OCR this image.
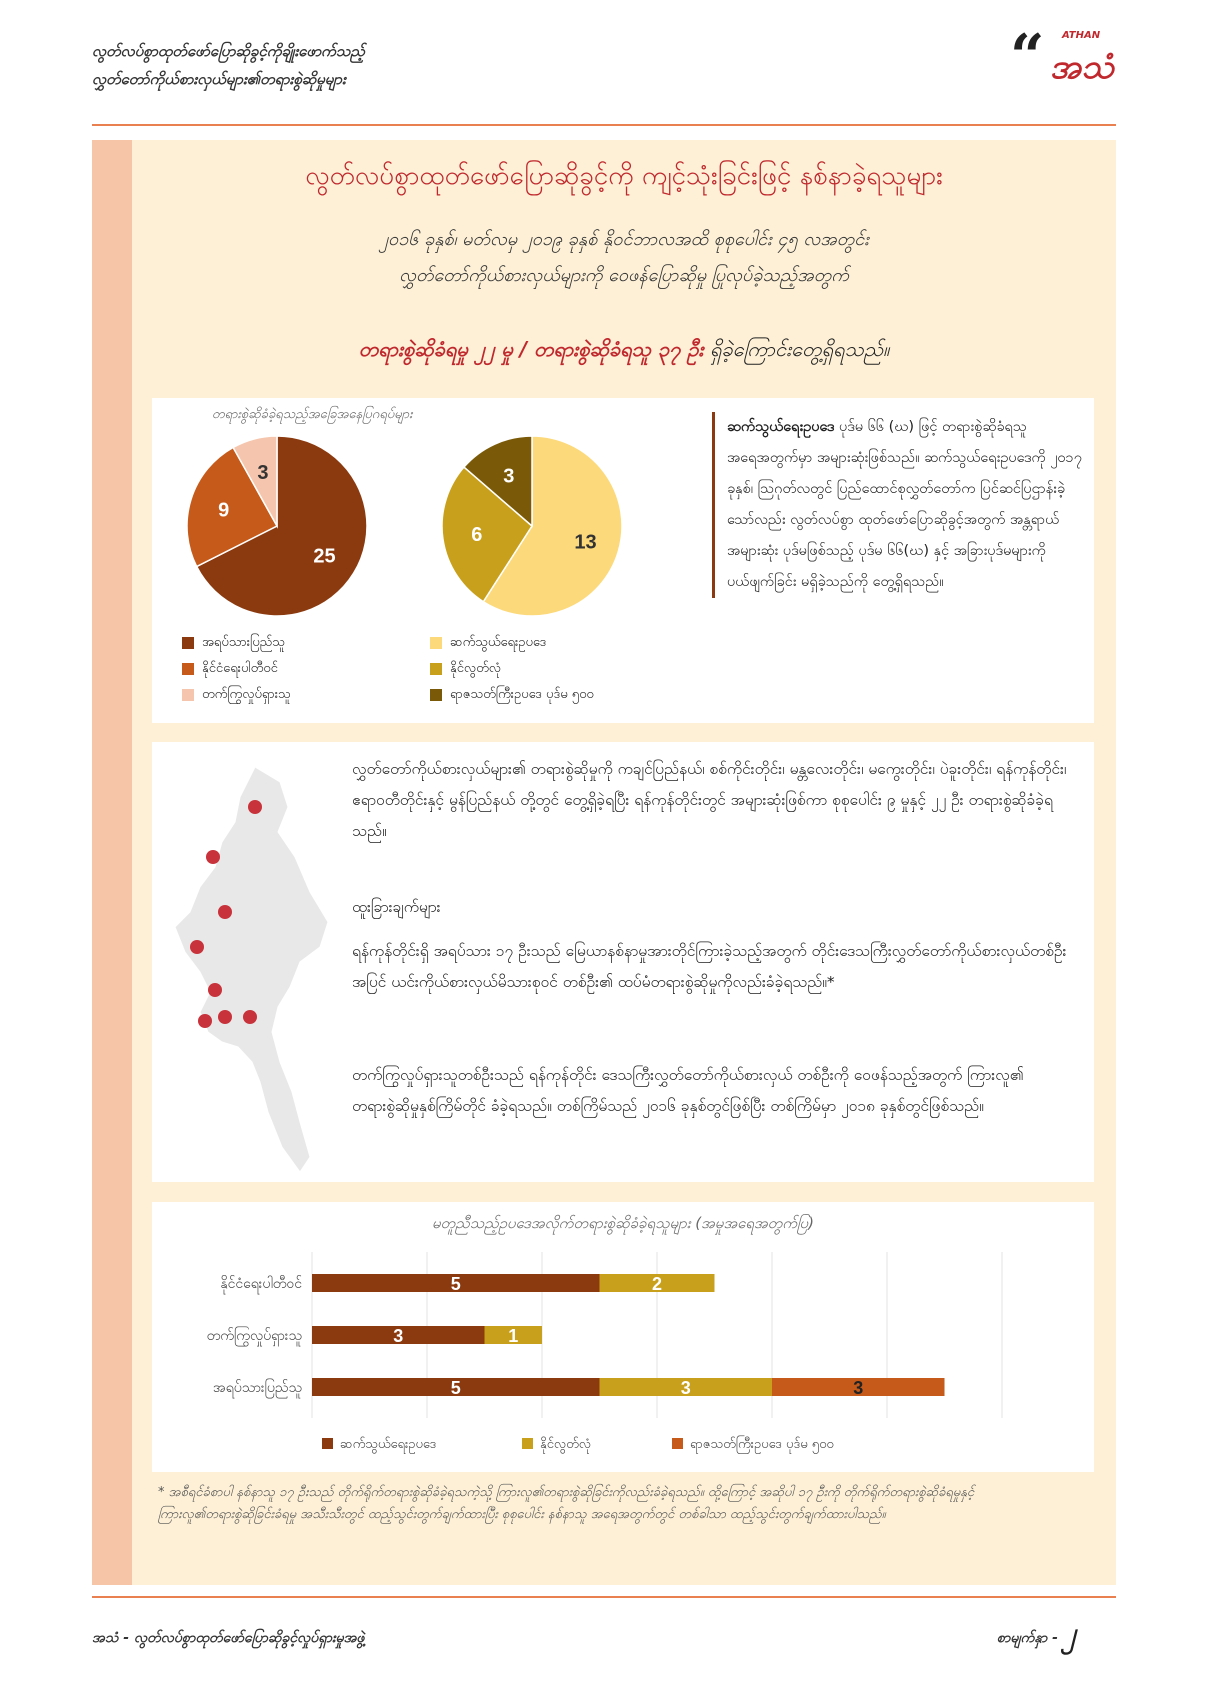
လွတ်လပ်စွာထုတ်ဖော်ပြောဆိုခွင့်ကိုချိုးဖောက်သည့်
လွှတ်တော်ကိုယ်စားလှယ်များ၏တရားစွဲဆိုမှုများ	“ ATHAN
အသံ
လွတ်လပ်စွာထုတ်ဖော်ပြောဆိုခွင့်ကို ကျင့်သုံးခြင်းဖြင့် နစ်နာခဲ့ရသူများ
၂၀၁၆ ခုနှစ်၊ မတ်လမှ ၂၀၁၉ ခုနှစ် နိုဝင်ဘာလအထိ စုစုပေါင်း ၄၅ လအတွင်း
လွှတ်တော်ကိုယ်စားလှယ်များကို ဝေဖန်ပြောဆိုမှု ပြုလုပ်ခဲ့သည့်အတွက်
တရားစွဲဆိုခံရမှု ၂၂ မှု / တရားစွဲဆိုခံရသူ ၃၇ ဦး ရှိခဲ့ကြောင်းတွေ့ရှိရသည်။
တရားစွဲဆိုခံခဲ့ရသည့်အခြေအနေပြဂရပ်များ
25
9
3
13
6
3
အရပ်သားပြည်သူ
နိုင်ငံရေးပါတီဝင်
တက်ကြွလှုပ်ရှားသူ
ဆက်သွယ်ရေးဥပဒေ
နိုင်လွတ်လုံ
ရာဇသတ်ကြီးဥပဒေ ပုဒ်မ ၅၀၀
ဆက်သွယ်ရေးဥပဒေ ပုဒ်မ ၆၆ (ဃ) ဖြင့် တရားစွဲဆိုခံရသူ အရေအတွက်မှာ အများဆုံးဖြစ်သည်။ ဆက်သွယ်ရေးဥပဒေကို ၂၀၁၇ ခုနှစ်၊ ဩဂုတ်လတွင် ပြည်ထောင်စုလွှတ်တော်က ပြင်ဆင်ပြဌာန်းခဲ့သော်လည်း လွတ်လပ်စွာ ထုတ်ဖော်ပြောဆိုခွင့်အတွက် အန္တရာယ်အများဆုံး ပုဒ်မဖြစ်သည့် ပုဒ်မ ၆၆(ဃ) နှင့် အခြားပုဒ်မများကို ပယ်ဖျက်ခြင်း မရှိခဲ့သည်ကို တွေ့ရှိရသည်။
လွှတ်တော်ကိုယ်စားလှယ်များ၏ တရားစွဲဆိုမှုကို ကချင်ပြည်နယ်၊ စစ်ကိုင်းတိုင်း၊ မန္တလေးတိုင်း၊ မကွေးတိုင်း၊ ပဲခူးတိုင်း၊ ရန်ကုန်တိုင်း၊ ဧရာဝတီတိုင်းနှင့် မွန်ပြည်နယ် တို့တွင် တွေ့ရှိခဲ့ရပြီး ရန်ကုန်တိုင်းတွင် အများဆုံးဖြစ်ကာ စုစုပေါင်း ၉ မှုနှင့် ၂၂ ဦး တရားစွဲဆိုခံခဲ့ရသည်။
ထူးခြားချက်များ
ရန်ကုန်တိုင်းရှိ အရပ်သား ၁၇ ဦးသည် မြေယာနစ်နာမှုအားတိုင်ကြားခဲ့သည့်အတွက် တိုင်းဒေသကြီးလွှတ်တော်ကိုယ်စားလှယ်တစ်ဦးအပြင် ယင်းကိုယ်စားလှယ်မိသားစုဝင် တစ်ဦး၏ ထပ်မံတရားစွဲဆိုမှုကိုလည်းခံခဲ့ရသည်။*
တက်ကြွလှုပ်ရှားသူတစ်ဦးသည် ရန်ကုန်တိုင်း ဒေသကြီးလွှတ်တော်ကိုယ်စားလှယ် တစ်ဦးကို ဝေဖန်သည့်အတွက် ကြားလူ၏ တရားစွဲဆိုမှုနှစ်ကြိမ်တိုင် ခံခဲ့ရသည်။ တစ်ကြိမ်သည် ၂၀၁၆ ခုနှစ်တွင်ဖြစ်ပြီး တစ်ကြိမ်မှာ ၂၀၁၈ ခုနှစ်တွင်ဖြစ်သည်။
မတူညီသည့်ဥပဒေအလိုက်တရားစွဲဆိုခံခဲ့ရသူများ (အမှုအရေအတွက်ပြ)
နိုင်ငံရေးပါတီဝင်
တက်ကြွလှုပ်ရှားသူ
အရပ်သားပြည်သူ
5	2
3	1
5	3	3
ဆက်သွယ်ရေးဥပဒေ	နိုင်လွတ်လုံ	ရာဇသတ်ကြီးဥပဒေ ပုဒ်မ ၅၀၀
* အစီရင်ခံစာပါ နစ်နာသူ ၁၇ ဦးသည် တိုက်ရိုက်တရားစွဲဆိုခံခဲ့ရသကဲ့သို့ ကြားလူ၏တရားစွဲဆိုခြင်းကိုလည်းခံခဲ့ရသည်။ ထို့ကြောင့် အဆိုပါ ၁၇ ဦးကို တိုက်ရိုက်တရားစွဲဆိုခံရမှုနှင့် ကြားလူ၏တရားစွဲဆိုခြင်းခံရမှု အသီးသီးတွင် ထည့်သွင်းတွက်ချက်ထားပြီး စုစုပေါင်း နစ်နာသူ အရေအတွက်တွင် တစ်ခါသာ ထည့်သွင်းတွက်ချက်ထားပါသည်။
အသံ - လွတ်လပ်စွာထုတ်ဖော်ပြောဆိုခွင့်လှုပ်ရှားမှုအဖွဲ့	စာမျက်နှာ - ၂
